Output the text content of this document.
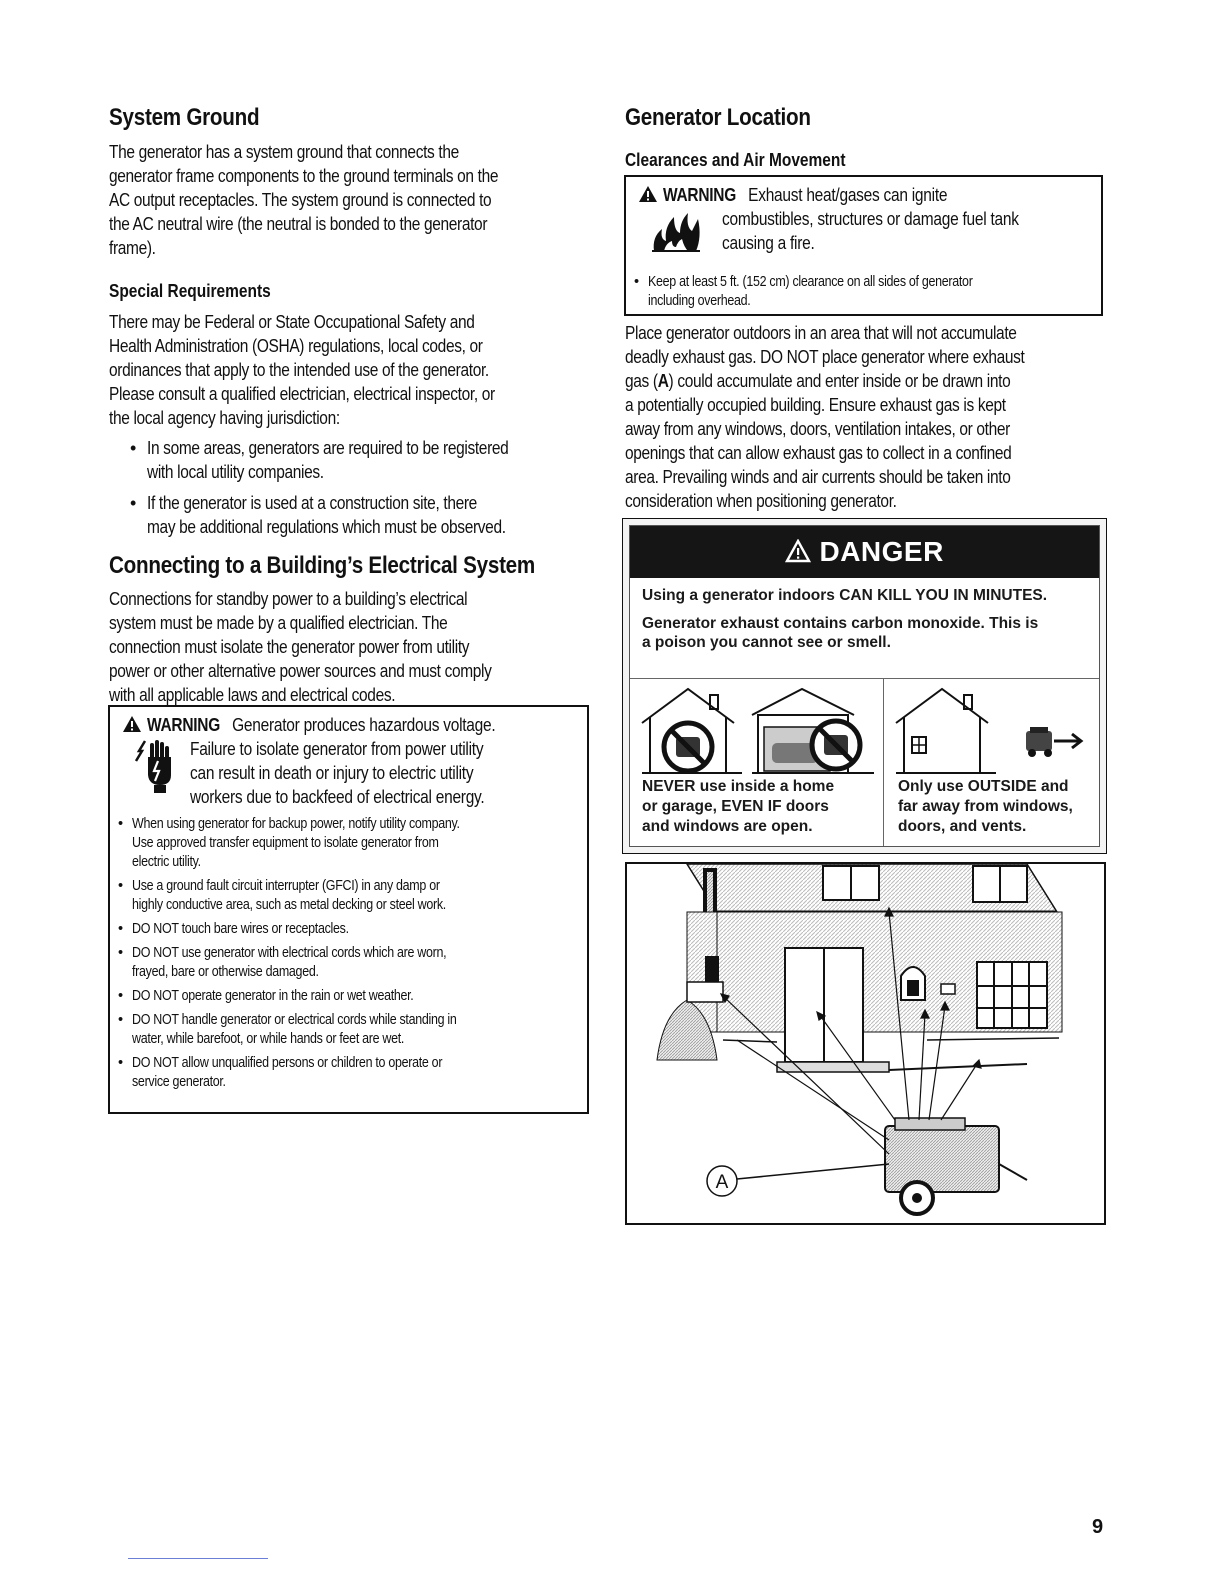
System Ground

The generator has a system ground that connects the

generator frame components to the ground terminals on the

AC output receptacles. The system ground is connected to

the AC neutral wire (the neutral is bonded to the generator

frame).

Special Requirements

There may be Federal or State Occupational Safety and

Health Administration (OSHA) regulations, local codes, or

ordinances that apply to the intended use of the generator.

Please consult a qualified electrician, electrical inspector, or

the local agency having jurisdiction:

• In some areas, generators are required to be registered
with local utility companies.
• If the generator is used at a construction site, there
may be additional regulations which must be observed.
Connecting to a Building’s Electrical System

Connections for standby power to a building’s electrical

system must be made by a qualified electrician. The

connection must isolate the generator power from utility

power or other alternative power sources and must comply

with all applicable laws and electrical codes.

WARNING Generator produces hazardous voltage.
Failure to isolate generator from power utility
can result in death or injury to electric utility
workers due to backfeed of electrical energy.
• When using generator for backup power, notify utility company.
Use approved transfer equipment to isolate generator from
electric utility.
• Use a ground fault circuit interrupter (GFCI) in any damp or
highly conductive area, such as metal decking or steel work.
• DO NOT touch bare wires or receptacles.
• DO NOT use generator with electrical cords which are worn,
frayed, bare or otherwise damaged.
• DO NOT operate generator in the rain or wet weather.
• DO NOT handle generator or electrical cords while standing in
water, while barefoot, or while hands or feet are wet.
• DO NOT allow unqualified persons or children to operate or
service generator.
Generator Location
Clearances and Air Movement
WARNING Exhaust heat/gases can ignite
combustibles, structures or damage fuel tank
causing a fire.
• Keep at least 5 ft. (152 cm) clearance on all sides of generator
including overhead.

Place generator outdoors in an area that will not accumulate

deadly exhaust gas. DO NOT place generator where exhaust

gas (A) could accumulate and enter inside or be drawn into

a potentially occupied building. Ensure exhaust gas is kept

away from any windows, doors, ventilation intakes, or other

openings that can allow exhaust gas to collect in a confined

area. Prevailing winds and air currents should be taken into

consideration when positioning generator.

DANGER

Using a generator indoors CAN KILL YOU IN MINUTES.

Generator exhaust contains carbon monoxide. This is
a poison you cannot see or smell.

NEVER use inside a home
or garage, EVEN IF doors
and windows are open.
Only use OUTSIDE and
far away from windows,
doors, and vents.
A
9
